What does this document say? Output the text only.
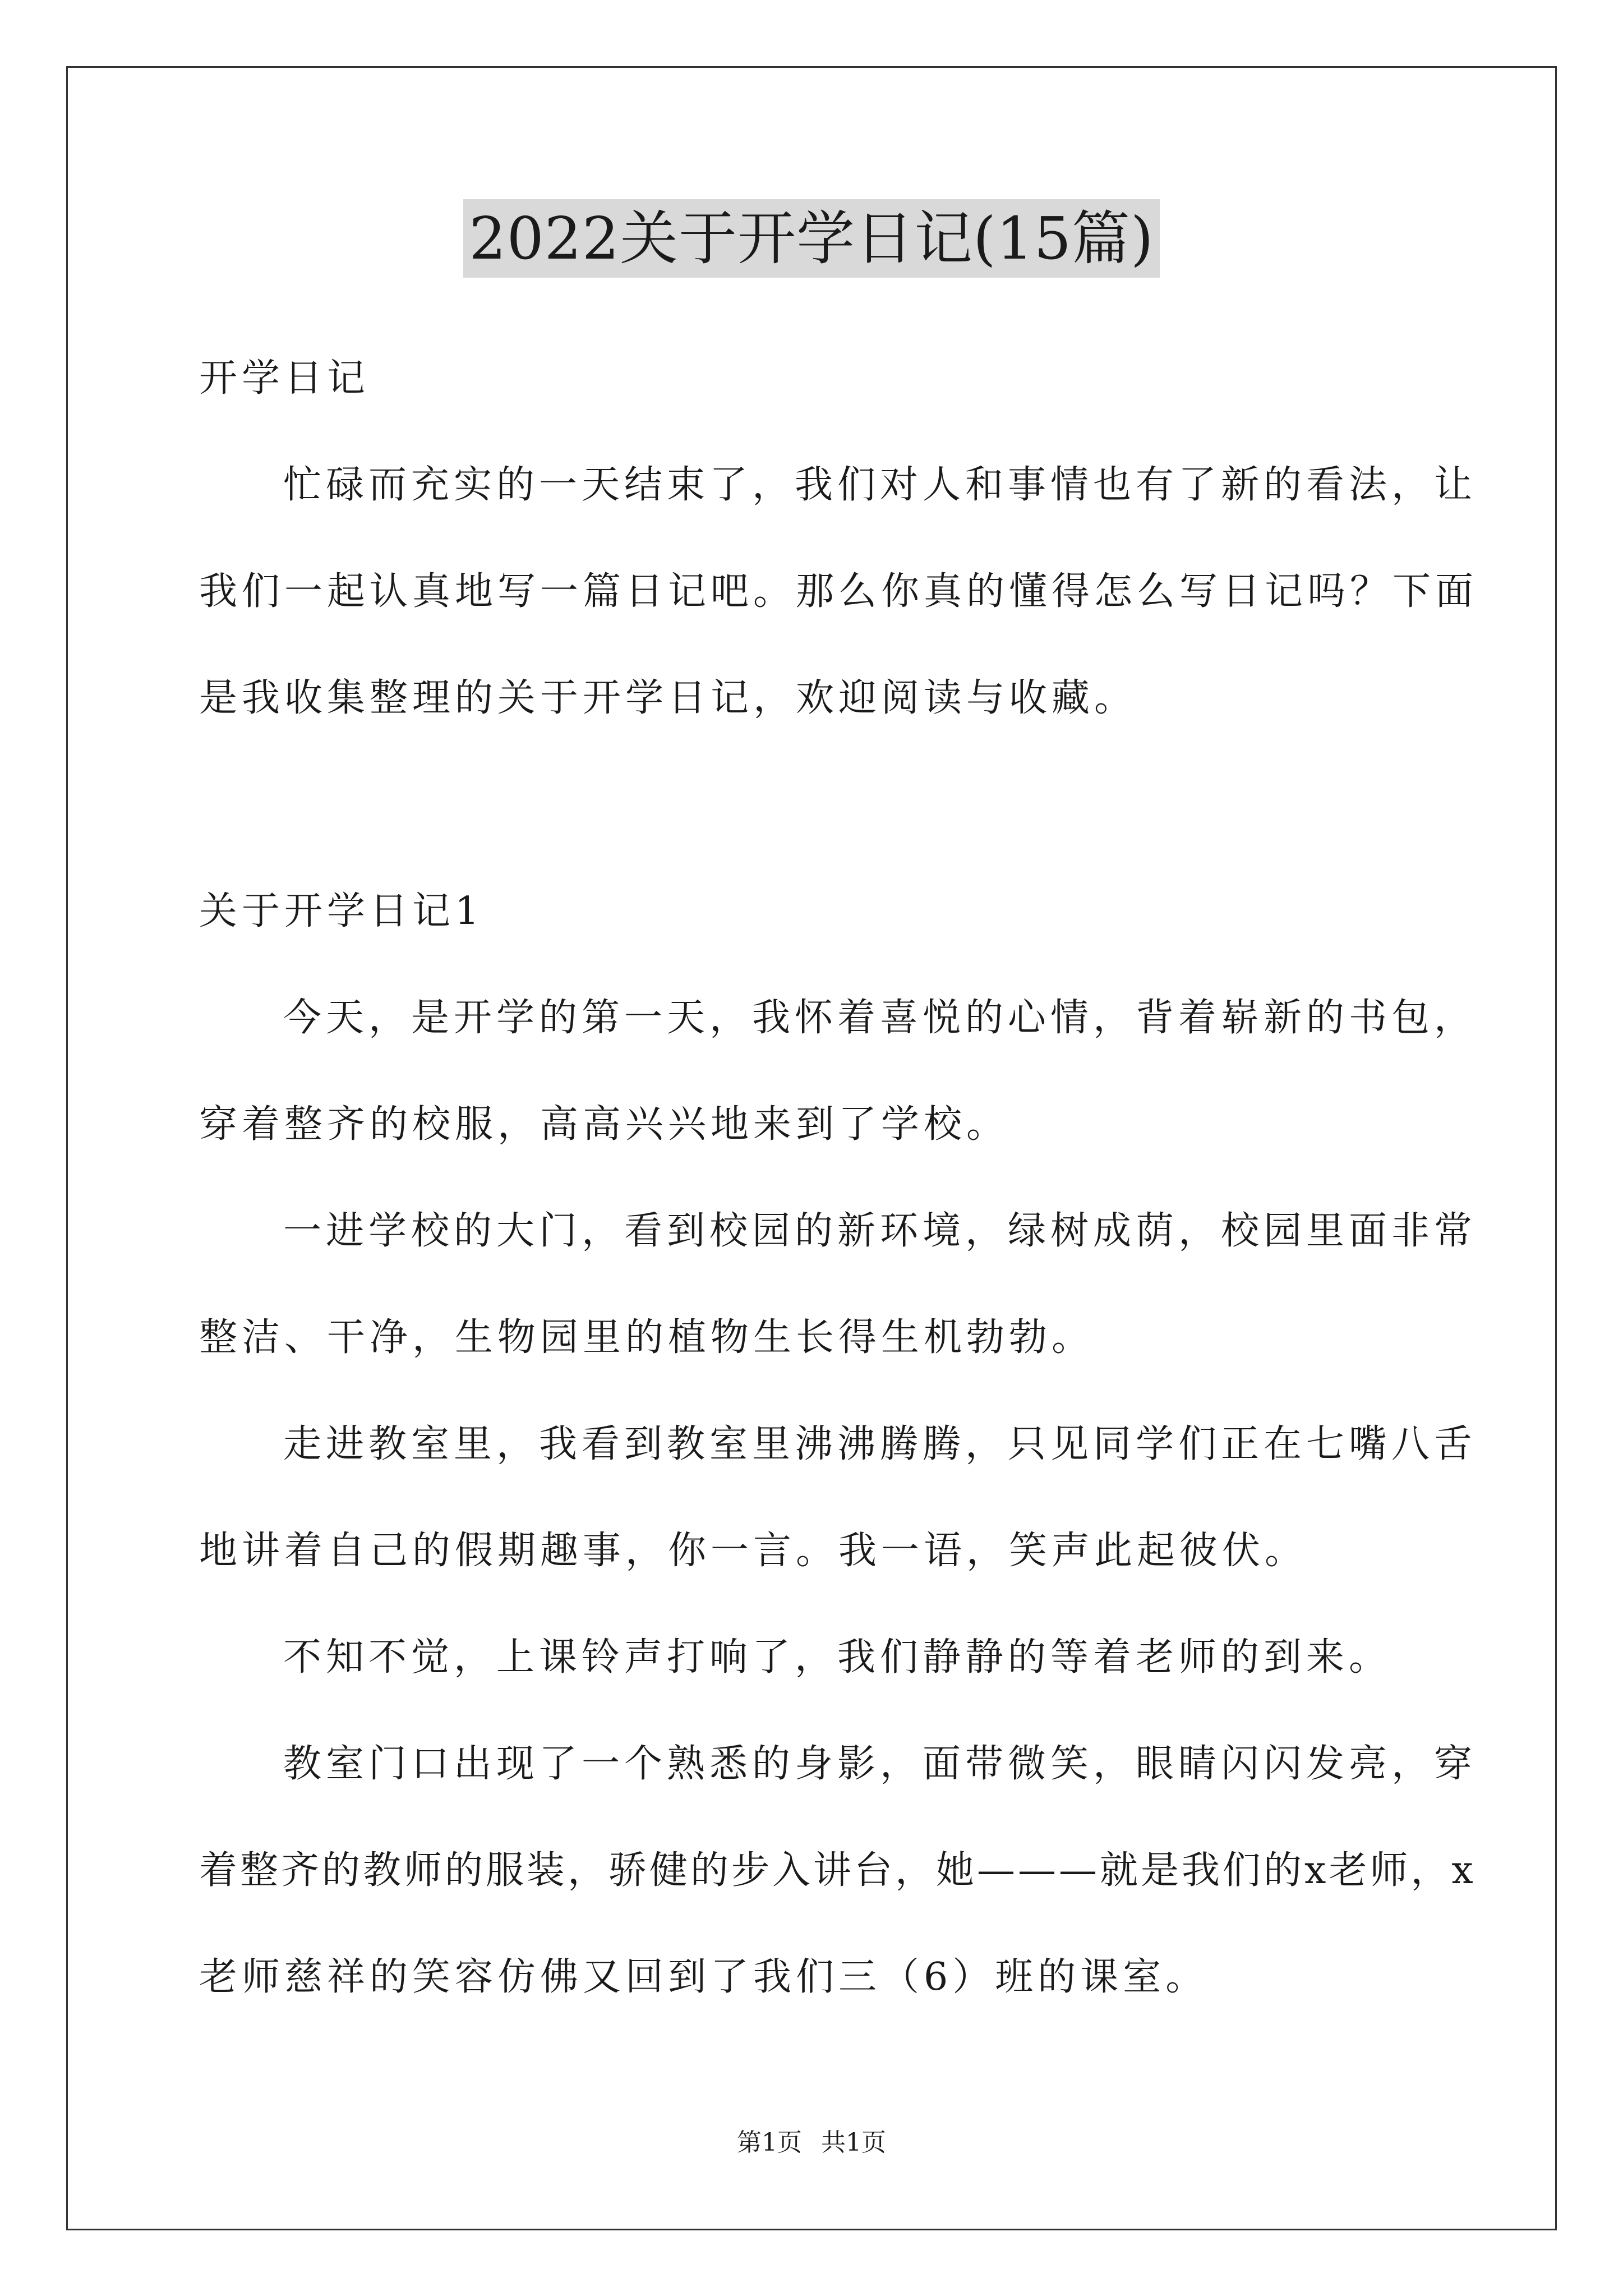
2022关于开学日记(15篇)
开学日记
忙碌而充实的一天结束了，我们对人和事情也有了新的看法，让
我们一起认真地写一篇日记吧。那么你真的懂得怎么写日记吗？下面
是我收集整理的关于开学日记，欢迎阅读与收藏。
关于开学日记1
今天，是开学的第一天，我怀着喜悦的心情，背着崭新的书包，
穿着整齐的校服，高高兴兴地来到了学校。
一进学校的大门，看到校园的新环境，绿树成荫，校园里面非常
整洁、干净，生物园里的植物生长得生机勃勃。
走进教室里，我看到教室里沸沸腾腾，只见同学们正在七嘴八舌
地讲着自己的假期趣事，你一言。我一语，笑声此起彼伏。
不知不觉，上课铃声打响了，我们静静的等着老师的到来。
教室门口出现了一个熟悉的身影，面带微笑，眼睛闪闪发亮，穿
着整齐的教师的服装，骄健的步入讲台，她———就是我们的x老师，x
老师慈祥的笑容仿佛又回到了我们三（6）班的课室。
第1页 共1页
